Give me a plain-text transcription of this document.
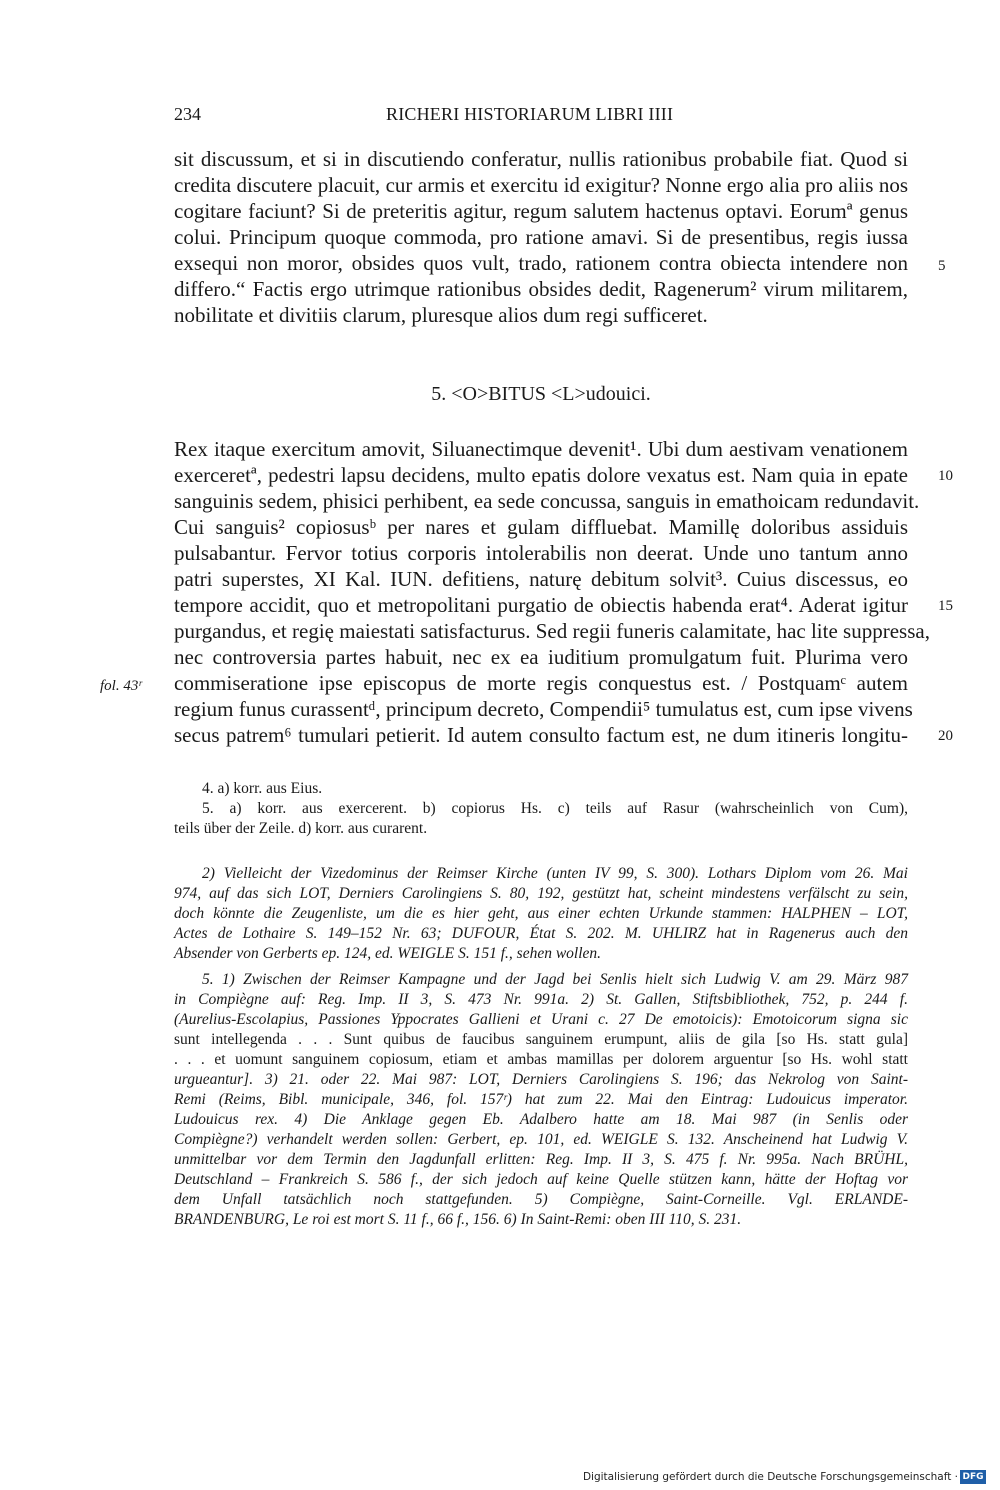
234	RICHERI HISTORIARUM LIBRI IIII
sit discussum, et si in discutiendo conferatur, nullis rationibus probabile fiat. Quod si
credita discutere placuit, cur armis et exercitu id exigitur? Nonne ergo alia pro aliis nos
cogitare faciunt? Si de preteritis agitur, regum salutem hactenus optavi. Eorumª genus
colui. Principum quoque commoda, pro ratione amavi. Si de presentibus, regis iussa
exsequi non moror, obsides quos vult, trado, rationem contra obiecta intendere non
differo.“ Factis ergo utrimque rationibus obsides dedit, Ragenerum² virum militarem,
nobilitate et divitiis clarum, pluresque alios dum regi sufficeret.
5. <O>BITUS <L>udouici.
Rex itaque exercitum amovit, Siluanectimque devenit¹. Ubi dum aestivam venationem
exerceretª, pedestri lapsu decidens, multo epatis dolore vexatus est. Nam quia in epate
sanguinis sedem, phisici perhibent, ea sede concussa, sanguis in emathoicam redundavit.
Cui sanguis² copiosusᵇ per nares et gulam diffluebat. Mamillę doloribus assiduis
pulsabantur. Fervor totius corporis intolerabilis non deerat. Unde uno tantum anno
patri superstes, XI Kal. IUN. defitiens, naturę debitum solvit³. Cuius discessus, eo
tempore accidit, quo et metropolitani purgatio de obiectis habenda erat⁴. Aderat igitur
purgandus, et regię maiestati satisfacturus. Sed regii funeris calamitate, hac lite suppressa,
nec controversia partes habuit, nec ex ea iuditium promulgatum fuit. Plurima vero
commiseratione ipse episcopus de morte regis conquestus est. / Postquamᶜ autem
regium funus curassentᵈ, principum decreto, Compendii⁵ tumulatus est, cum ipse vivens
secus patrem⁶ tumulari petierit. Id autem consulto factum est, ne dum itineris longitu-
5
10
15
20
fol. 43ʳ
4. a) korr. aus Eius.
5. a) korr. aus exercerent. b) copiorus Hs. c) teils auf Rasur (wahrscheinlich von Cum),
teils über der Zeile. d) korr. aus curarent.
2) Vielleicht der Vizedominus der Reimser Kirche (unten IV 99, S. 300). Lothars Diplom vom 26. Mai
974, auf das sich LOT, Derniers Carolingiens S. 80, 192, gestützt hat, scheint mindestens verfälscht zu sein,
doch könnte die Zeugenliste, um die es hier geht, aus einer echten Urkunde stammen: HALPHEN – LOT,
Actes de Lothaire S. 149–152 Nr. 63; DUFOUR, État S. 202. M. UHLIRZ hat in Ragenerus auch den
Absender von Gerberts ep. 124, ed. WEIGLE S. 151 f., sehen wollen.
5. 1) Zwischen der Reimser Kampagne und der Jagd bei Senlis hielt sich Ludwig V. am 29. März 987
in Compiègne auf: Reg. Imp. II 3, S. 473 Nr. 991a. 2) St. Gallen, Stiftsbibliothek, 752, p. 244 f.
(Aurelius-Escolapius, Passiones Yppocrates Gallieni et Urani c. 27 De emotoicis): Emotoicorum signa sic
sunt intellegenda . . . Sunt quibus de faucibus sanguinem erumpunt, aliis de gila [so Hs. statt gula]
. . . et uomunt sanguinem copiosum, etiam et ambas mamillas per dolorem arguentur [so Hs. wohl statt
urgueantur]. 3) 21. oder 22. Mai 987: LOT, Derniers Carolingiens S. 196; das Nekrolog von Saint-
Remi (Reims, Bibl. municipale, 346, fol. 157ʳ) hat zum 22. Mai den Eintrag: Ludouicus imperator.
Ludouicus rex. 4) Die Anklage gegen Eb. Adalbero hatte am 18. Mai 987 (in Senlis oder
Compiègne?) verhandelt werden sollen: Gerbert, ep. 101, ed. WEIGLE S. 132. Anscheinend hat Ludwig V.
unmittelbar vor dem Termin den Jagdunfall erlitten: Reg. Imp. II 3, S. 475 f. Nr. 995a. Nach BRÜHL,
Deutschland – Frankreich S. 586 f., der sich jedoch auf keine Quelle stützen kann, hätte der Hoftag vor
dem Unfall tatsächlich noch stattgefunden. 5) Compiègne, Saint-Corneille. Vgl. ERLANDE-
BRANDENBURG, Le roi est mort S. 11 f., 66 f., 156. 6) In Saint-Remi: oben III 110, S. 231.
Digitalisierung gefördert durch die Deutsche Forschungsgemeinschaft · DFG
